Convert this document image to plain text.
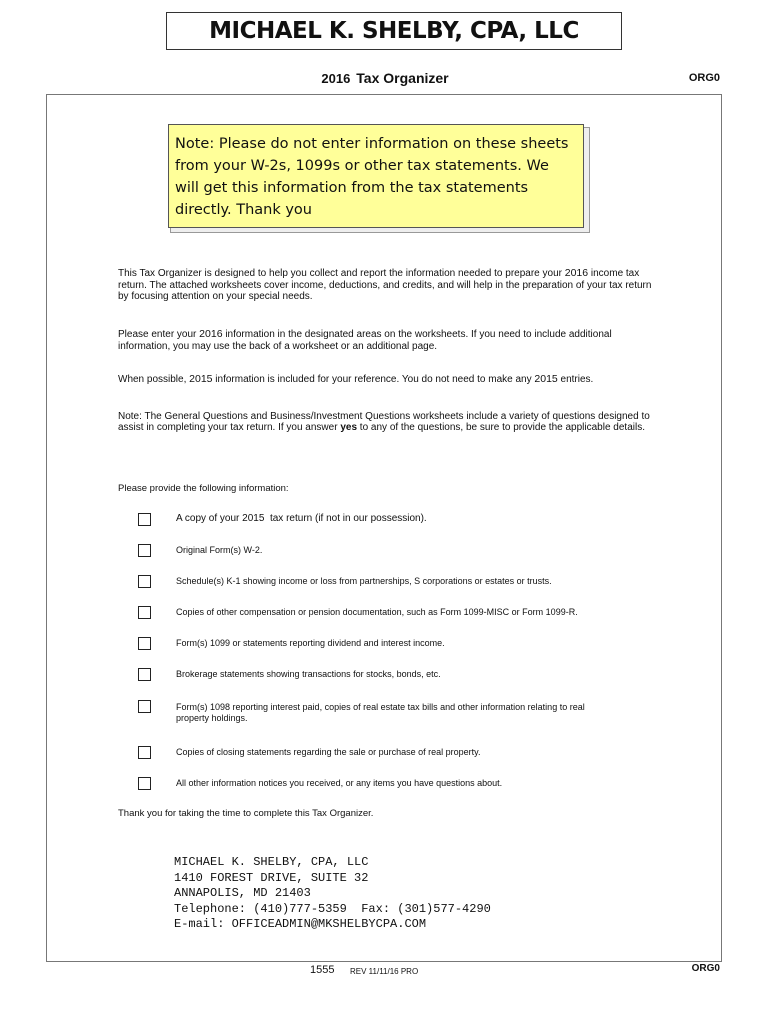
MICHAEL K. SHELBY, CPA, LLC
2016 Tax Organizer	ORG0
Note: Please do not enter information on these sheets from your W-2s, 1099s or other tax statements. We will get this information from the tax statements directly. Thank you
This Tax Organizer is designed to help you collect and report the information needed to prepare your 2016 income tax return. The attached worksheets cover income, deductions, and credits, and will help in the preparation of your tax return by focusing attention on your special needs.
Please enter your 2016 information in the designated areas on the worksheets. If you need to include additional information, you may use the back of a worksheet or an additional page.
When possible, 2015 information is included for your reference. You do not need to make any 2015 entries.
Note: The General Questions and Business/Investment Questions worksheets include a variety of questions designed to assist in completing your tax return. If you answer yes to any of the questions, be sure to provide the applicable details.
Please provide the following information:
A copy of your 2015 tax return (if not in our possession).
Original Form(s) W-2.
Schedule(s) K-1 showing income or loss from partnerships, S corporations or estates or trusts.
Copies of other compensation or pension documentation, such as Form 1099-MISC or Form 1099-R.
Form(s) 1099 or statements reporting dividend and interest income.
Brokerage statements showing transactions for stocks, bonds, etc.
Form(s) 1098 reporting interest paid, copies of real estate tax bills and other information relating to real property holdings.
Copies of closing statements regarding the sale or purchase of real property.
All other information notices you received, or any items you have questions about.
Thank you for taking the time to complete this Tax Organizer.
MICHAEL K. SHELBY, CPA, LLC
1410 FOREST DRIVE, SUITE 32
ANNAPOLIS, MD 21403
Telephone: (410)777-5359  Fax: (301)577-4290
E-mail: OFFICEADMIN@MKSHELBYCPA.COM
1555 REV 11/11/16 PRO	ORG0
